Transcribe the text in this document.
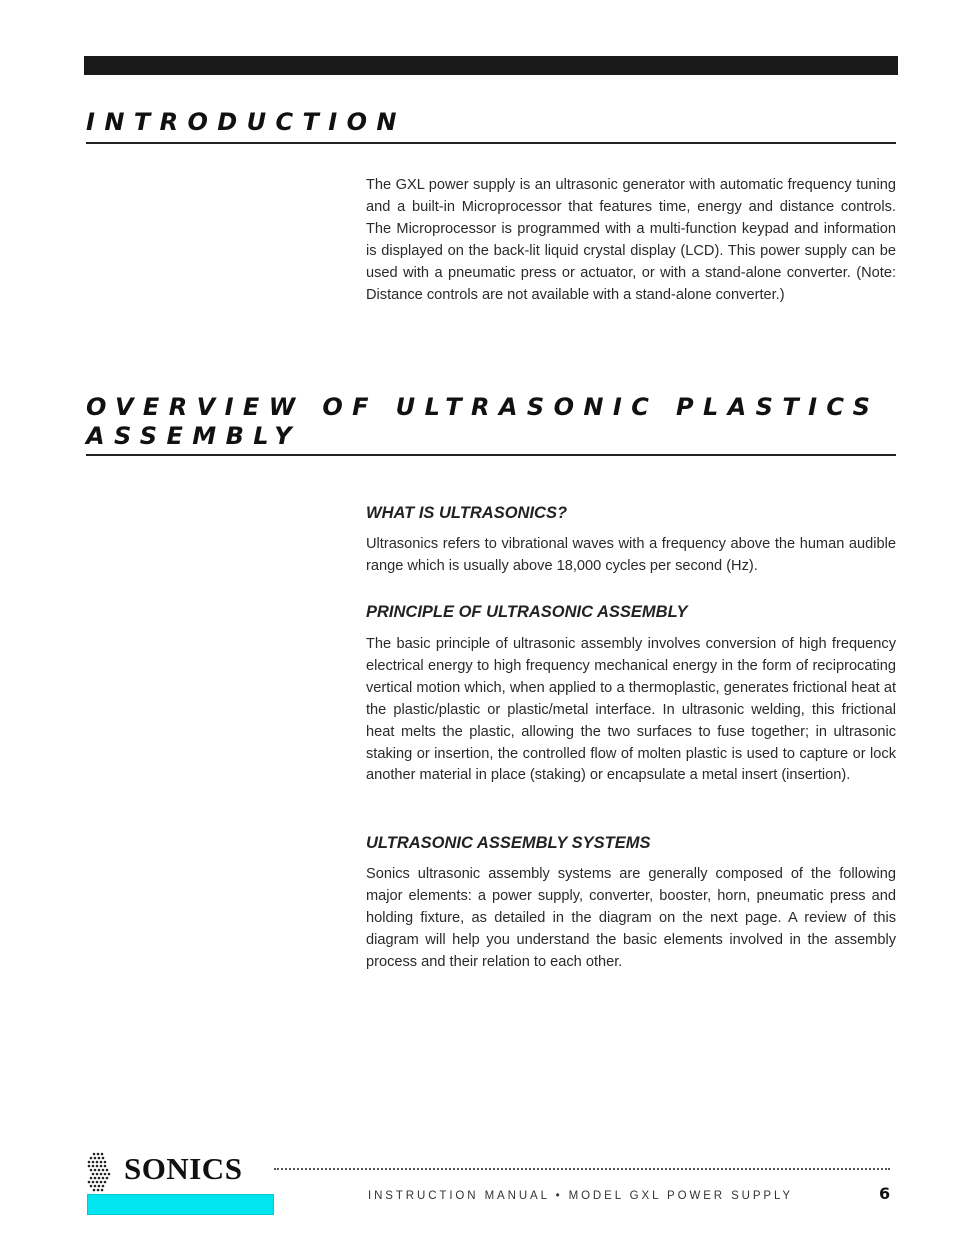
INTRODUCTION

The GXL power supply is an ultrasonic generator with automatic frequency tuning and a built-in Microprocessor that features time, energy and distance controls. The Microprocessor is programmed with a multi-function keypad and information is displayed on the back-lit liquid crystal display (LCD). This power supply can be used with a pneumatic press or actuator, or with a stand-alone converter. (Note: Distance controls are not available with a stand-alone converter.)

OVERVIEW OF ULTRASONIC PLASTICS
ASSEMBLY
WHAT IS ULTRASONICS?

Ultrasonics refers to vibrational waves with a frequency above the human audible range which is usually above 18,000 cycles per second (Hz).

PRINCIPLE OF ULTRASONIC ASSEMBLY

The basic principle of ultrasonic assembly involves conversion of high frequency electrical energy to high frequency mechanical energy in the form of reciprocating vertical motion which, when applied to a thermoplastic, generates frictional heat at the plastic/plastic or plastic/metal interface. In ultrasonic welding, this frictional heat melts the plastic, allowing the two surfaces to fuse together; in ultrasonic staking or insertion, the controlled flow of molten plastic is used to capture or lock another material in place (staking) or encapsulate a metal insert (insertion).

ULTRASONIC ASSEMBLY SYSTEMS

Sonics ultrasonic assembly systems are generally composed of the following major elements: a power supply, converter, booster, horn, pneumatic press and holding fixture, as detailed in the diagram on the next page. A review of this diagram will help you understand the basic elements involved in the assembly process and their relation to each other.

SONICS
INSTRUCTION MANUAL • MODEL GXL POWER SUPPLY	6
